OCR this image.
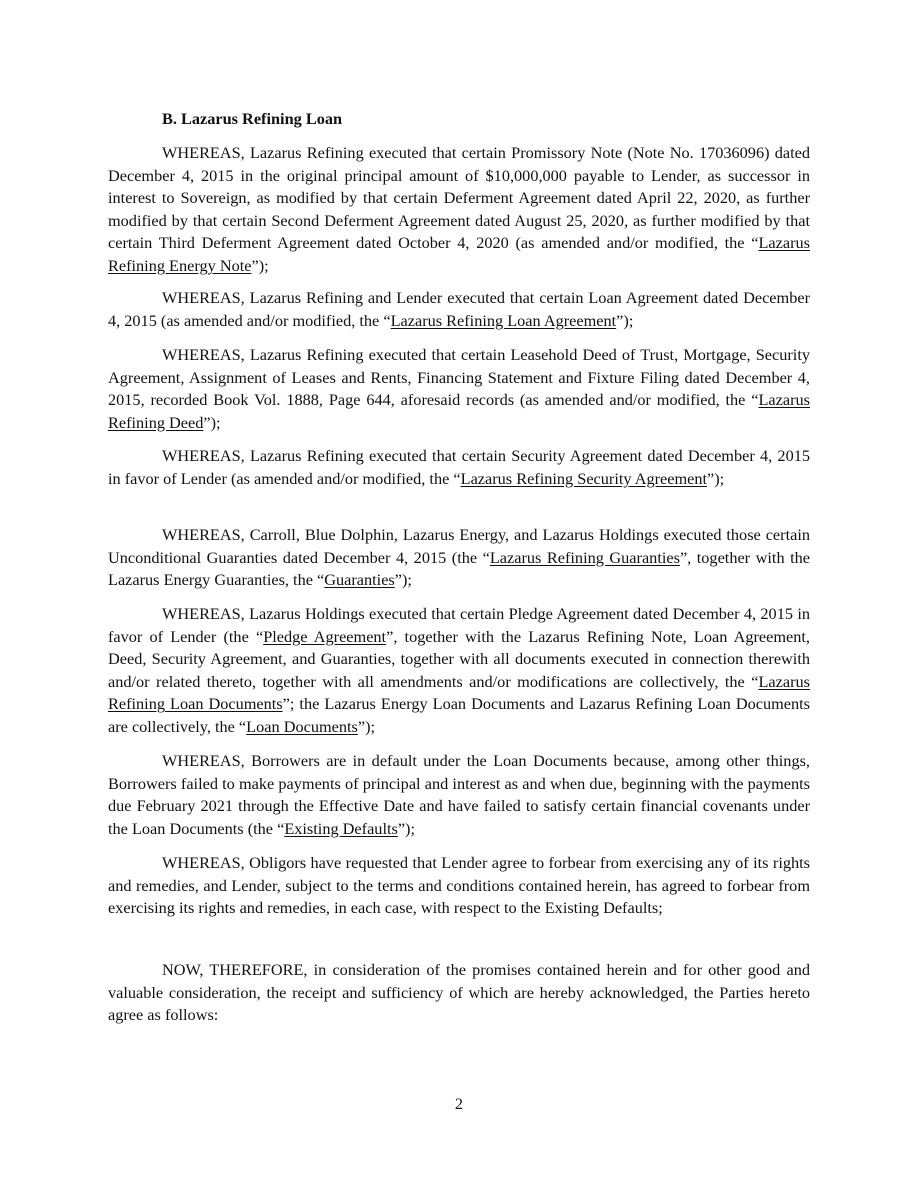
B. Lazarus Refining Loan

WHEREAS, Lazarus Refining executed that certain Promissory Note (Note No. 17036096) dated December 4, 2015 in the original principal amount of $10,000,000 payable to Lender, as successor in interest to Sovereign, as modified by that certain Deferment Agreement dated April 22, 2020, as further modified by that certain Second Deferment Agreement dated August 25, 2020, as further modified by that certain Third Deferment Agreement dated October 4, 2020 (as amended and/or modified, the “Lazarus Refining Energy Note”);

WHEREAS, Lazarus Refining and Lender executed that certain Loan Agreement dated December 4, 2015 (as amended and/or modified, the “Lazarus Refining Loan Agreement”);

WHEREAS, Lazarus Refining executed that certain Leasehold Deed of Trust, Mortgage, Security Agreement, Assignment of Leases and Rents, Financing Statement and Fixture Filing dated December 4, 2015, recorded Book Vol. 1888, Page 644, aforesaid records (as amended and/or modified, the “Lazarus Refining Deed”);

WHEREAS, Lazarus Refining executed that certain Security Agreement dated December 4, 2015 in favor of Lender (as amended and/or modified, the “Lazarus Refining Security Agreement”);

WHEREAS, Carroll, Blue Dolphin, Lazarus Energy, and Lazarus Holdings executed those certain Unconditional Guaranties dated December 4, 2015 (the “Lazarus Refining Guaranties”, together with the Lazarus Energy Guaranties, the “Guaranties”);

WHEREAS, Lazarus Holdings executed that certain Pledge Agreement dated December 4, 2015 in favor of Lender (the “Pledge Agreement”, together with the Lazarus Refining Note, Loan Agreement, Deed, Security Agreement, and Guaranties, together with all documents executed in connection therewith and/or related thereto, together with all amendments and/or modifications are collectively, the “Lazarus Refining Loan Documents”; the Lazarus Energy Loan Documents and Lazarus Refining Loan Documents are collectively, the “Loan Documents”);

WHEREAS, Borrowers are in default under the Loan Documents because, among other things, Borrowers failed to make payments of principal and interest as and when due, beginning with the payments due February 2021 through the Effective Date and have failed to satisfy certain financial covenants under the Loan Documents (the “Existing Defaults”);

WHEREAS, Obligors have requested that Lender agree to forbear from exercising any of its rights and remedies, and Lender, subject to the terms and conditions contained herein, has agreed to forbear from exercising its rights and remedies, in each case, with respect to the Existing Defaults;

NOW, THEREFORE, in consideration of the promises contained herein and for other good and valuable consideration, the receipt and sufficiency of which are hereby acknowledged, the Parties hereto agree as follows:

2
